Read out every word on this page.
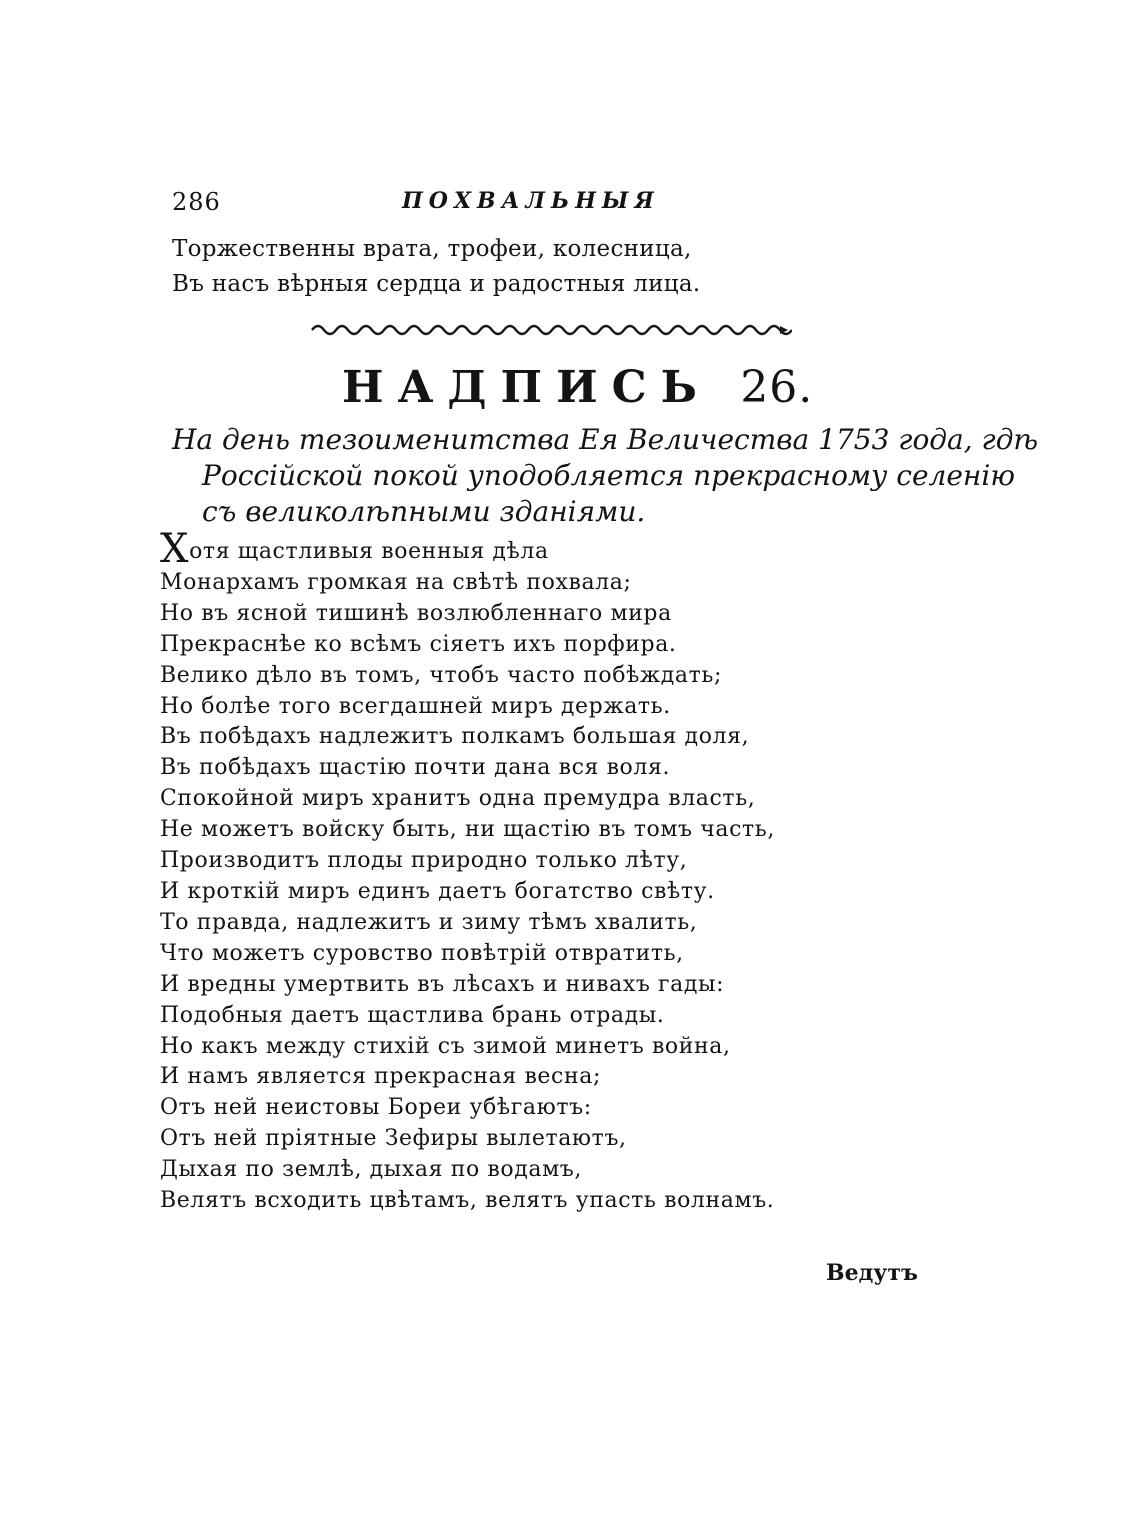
286	ПОХВАЛЬНЫЯ
Торжественны врата, трофеи, колесница,
Въ насъ вѣрныя сердца и радостныя лица.
НАДПИСЬ 26.
На день тезоименитства Ея Величества 1753 года, гдѣ
Россійской покой уподобляется прекрасному селенію
съ великолѣпными зданіями.
Хотя щастливыя военныя дѣла
Монархамъ громкая на свѣтѣ похвала;
Но въ ясной тишинѣ возлюбленнаго мира
Прекраснѣе ко всѣмъ сіяетъ ихъ порфира.
Велико дѣло въ томъ, чтобъ часто побѣждать;
Но болѣе того всегдашней миръ держать.
Въ побѣдахъ надлежитъ полкамъ большая доля,
Въ побѣдахъ щастію почти дана вся воля.
Спокойной миръ хранитъ одна премудра власть,
Не можетъ войску быть, ни щастію въ томъ часть,
Производитъ плоды природно только лѣту,
И кроткій миръ единъ даетъ богатство свѣту.
То правда, надлежитъ и зиму тѣмъ хвалить,
Что можетъ суровство повѣтрій отвратить,
И вредны умертвить въ лѣсахъ и нивахъ гады:
Подобныя даетъ щастлива брань отрады.
Но какъ между стихій съ зимой минетъ война,
И намъ является прекрасная весна;
Отъ ней неистовы Бореи убѣгаютъ:
Отъ ней пріятные Зефиры вылетаютъ,
Дыхая по землѣ, дыхая по водамъ,
Велятъ всходить цвѣтамъ, велятъ упасть волнамъ.
Ведутъ
